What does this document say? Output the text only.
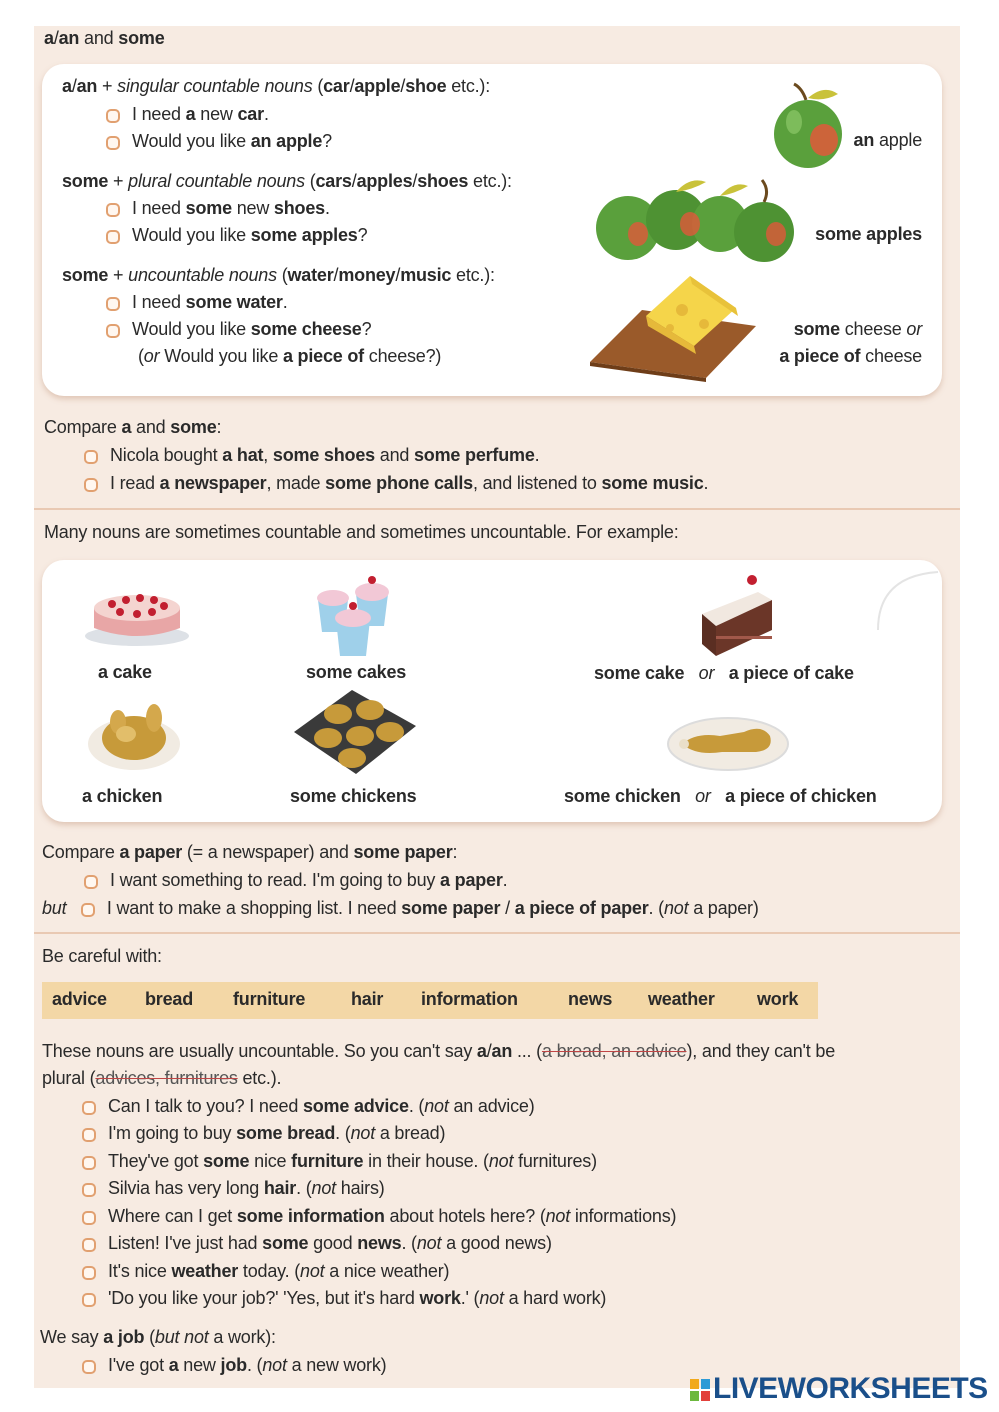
a/an and some
a/an + singular countable nouns (car/apple/shoe etc.):
I need a new car.
Would you like an apple?
some + plural countable nouns (cars/apples/shoes etc.):
I need some new shoes.
Would you like some apples?
some + uncountable nouns (water/money/music etc.):
I need some water.
Would you like some cheese?
(or Would you like a piece of cheese?)
an apple
some apples
some cheese or
a piece of cheese
Compare a and some:
Nicola bought a hat, some shoes and some perfume.
I read a newspaper, made some phone calls, and listened to some music.
Many nouns are sometimes countable and sometimes uncountable. For example:
a cake	some cakes	some cake or a piece of cake
a chicken	some chickens	some chicken or a piece of chicken
Compare a paper (= a newspaper) and some paper:
I want something to read. I'm going to buy a paper.
but I want to make a shopping list. I need some paper / a piece of paper. (not a paper)
Be careful with:
advice bread furniture	hair information	news weather work
These nouns are usually uncountable. So you can't say a/an ... (a bread, an advice), and they can't be
plural (advices, furnitures etc.).
Can I talk to you? I need some advice. (not an advice)
I'm going to buy some bread. (not a bread)
They've got some nice furniture in their house. (not furnitures)
Silvia has very long hair. (not hairs)
Where can I get some information about hotels here? (not informations)
Listen! I've just had some good news. (not a good news)
It's nice weather today. (not a nice weather)
'Do you like your job?' 'Yes, but it's hard work.' (not a hard work)
We say a job (but not a work):
I've got a new job. (not a new work)
LIVEWORKSHEETS
